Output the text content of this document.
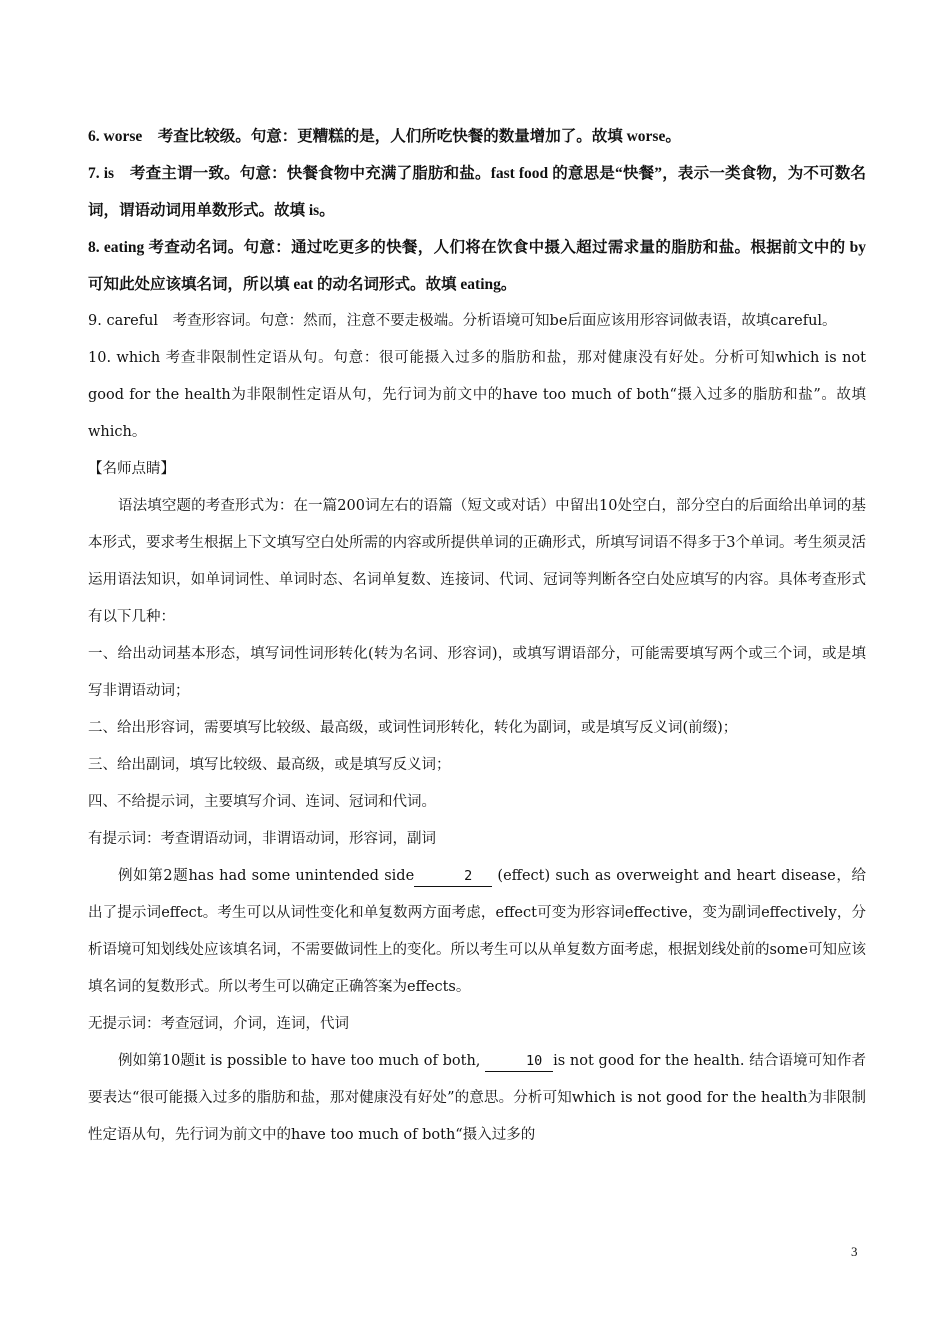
6. worse　考查比较级。句意：更糟糕的是，人们所吃快餐的数量增加了。故填 worse。

7. is　考查主谓一致。句意：快餐食物中充满了脂肪和盐。fast food 的意思是“快餐”，表示一类食物，为不可数名词，谓语动词用单数形式。故填 is。

8. eating 考查动名词。句意：通过吃更多的快餐，人们将在饮食中摄入超过需求量的脂肪和盐。根据前文中的 by 可知此处应该填名词，所以填 eat 的动名词形式。故填 eating。

9. careful　考查形容词。句意：然而，注意不要走极端。分析语境可知be后面应该用形容词做表语，故填careful。

10. which 考查非限制性定语从句。句意：很可能摄入过多的脂肪和盐，那对健康没有好处。分析可知which is not good for the health为非限制性定语从句，先行词为前文中的have too much of both“摄入过多的脂肪和盐”。故填which。

【名师点睛】

语法填空题的考查形式为：在一篇200词左右的语篇（短文或对话）中留出10处空白，部分空白的后面给出单词的基本形式，要求考生根据上下文填写空白处所需的内容或所提供单词的正确形式，所填写词语不得多于3个单词。考生须灵活运用语法知识，如单词词性、单词时态、名词单复数、连接词、代词、冠词等判断各空白处应填写的内容。具体考查形式有以下几种：

一、给出动词基本形态，填写词性词形转化(转为名词、形容词)，或填写谓语部分，可能需要填写两个或三个词，或是填写非谓语动词；

二、给出形容词，需要填写比较级、最高级，或词性词形转化，转化为副词，或是填写反义词(前缀)；

三、给出副词，填写比较级、最高级，或是填写反义词；

四、不给提示词，主要填写介词、连词、冠词和代词。

有提示词：考查谓语动词，非谓语动词，形容词，副词

例如第2题has had some unintended side	2 (effect) such as overweight and heart disease，给出了提示词effect。考生可以从词性变化和单复数两方面考虑，effect可变为形容词effective，变为副词effectively，分析语境可知划线处应该填名词，不需要做词性上的变化。所以考生可以从单复数方面考虑，根据划线处前的some可知应该填名词的复数形式。所以考生可以确定正确答案为effects。

无提示词：考查冠词，介词，连词，代词

例如第10题it is possible to have too much of both,	10 is not good for the health. 结合语境可知作者要表达“很可能摄入过多的脂肪和盐，那对健康没有好处”的意思。分析可知which is not good for the health为非限制性定语从句，先行词为前文中的have too much of both“摄入过多的

3
